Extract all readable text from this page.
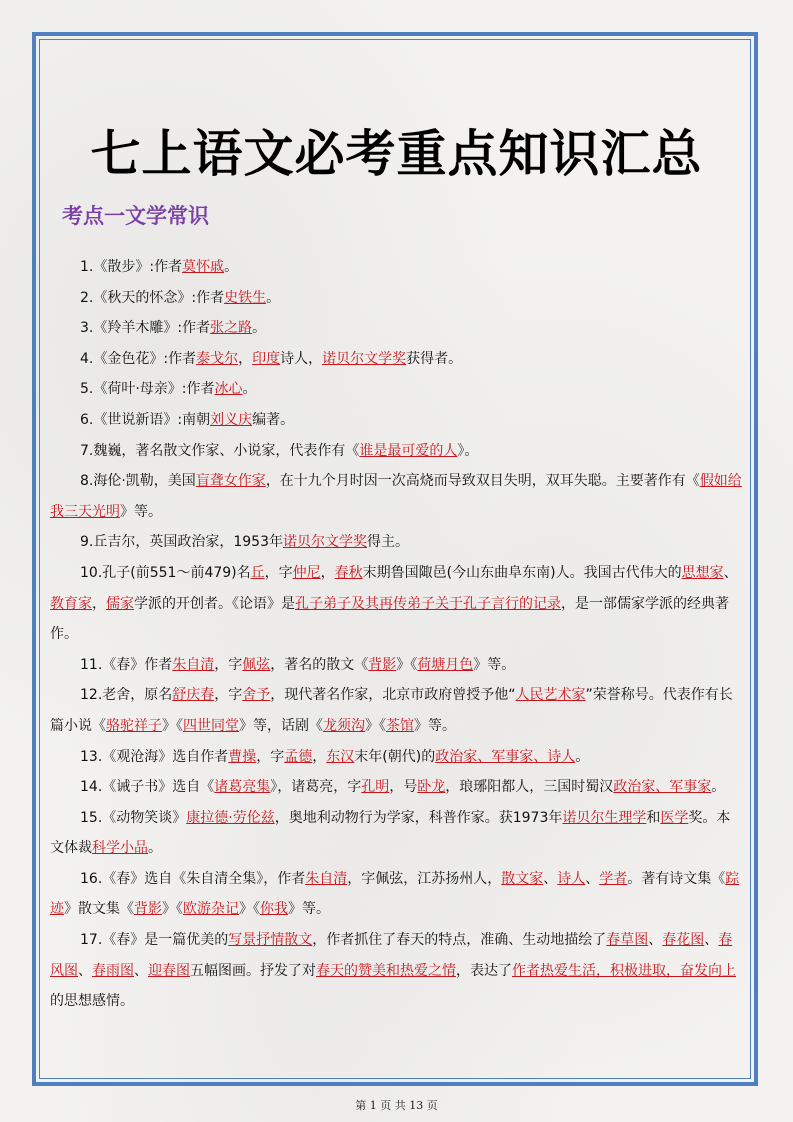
七上语文必考重点知识汇总
考点一文学常识

1.《散步》:作者莫怀戚。

2.《秋天的怀念》:作者史铁生。

3.《羚羊木雕》:作者张之路。

4.《金色花》:作者泰戈尔，印度诗人，诺贝尔文学奖获得者。

5.《荷叶·母亲》:作者冰心。

6.《世说新语》:南朝刘义庆编著。

7.魏巍，著名散文作家、小说家，代表作有《谁是最可爱的人》。

8.海伦·凯勒，美国盲聋女作家，在十九个月时因一次高烧而导致双目失明，双耳失聪。主要著作有《假如给我三天光明》等。

9.丘吉尔，英国政治家，1953年诺贝尔文学奖得主。

10.孔子(前551～前479)名丘，字仲尼，春秋末期鲁国陬邑(今山东曲阜东南)人。我国古代伟大的思想家、教育家，儒家学派的开创者。《论语》是孔子弟子及其再传弟子关于孔子言行的记录，是一部儒家学派的经典著作。

11.《春》作者朱自清，字佩弦，著名的散文《背影》《荷塘月色》等。

12.老舍，原名舒庆春，字舍予，现代著名作家，北京市政府曾授予他“人民艺术家”荣誉称号。代表作有长篇小说《骆驼祥子》《四世同堂》等，话剧《龙须沟》《茶馆》等。

13.《观沧海》选自作者曹操，字孟德，东汉末年(朝代)的政治家、军事家、诗人。

14.《诫子书》选自《诸葛亮集》，诸葛亮，字孔明，号卧龙，琅琊阳都人，三国时蜀汉政治家、军事家。

15.《动物笑谈》康拉德·劳伦兹，奥地利动物行为学家，科普作家。获1973年诺贝尔生理学和医学奖。本文体裁科学小品。

16.《春》选自《朱自清全集》，作者朱自清，字佩弦，江苏扬州人，散文家、诗人、学者。著有诗文集《踪迹》散文集《背影》《欧游杂记》《你我》等。

17.《春》是一篇优美的写景抒情散文，作者抓住了春天的特点，准确、生动地描绘了春草图、春花图、春风图、春雨图、迎春图五幅图画。抒发了对春天的赞美和热爱之情，表达了作者热爱生活，积极进取，奋发向上的思想感情。

第 1 页 共 13 页
